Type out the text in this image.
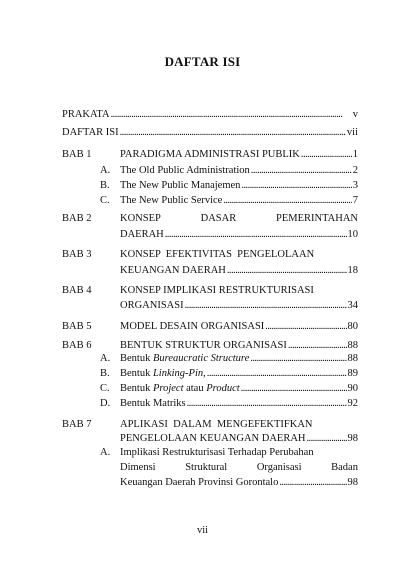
DAFTAR ISI
PRAKATA . . .	v
DAFTAR ISI . . .	vii
BAB 1	PARADIGMA ADMINISTRASI PUBLIK . . .	1
A. The Old Public Administration . . .	2
B. The New Public Manajemen . . .	3
C. The New Public Service . . .	7
BAB 2	KONSEP	DASAR	PEMERINTAHAN
DAERAH . . .	10
BAB 3	KONSEP  EFEKTIVITAS  PENGELOLAAN
KEUANGAN DAERAH . . .	18
BAB 4	KONSEP IMPLIKASI RESTRUKTURISASI
ORGANISASI . . .	34
BAB 5	MODEL DESAIN ORGANISASI . . .	80
BAB 6	BENTUK STRUKTUR ORGANISASI . . .	88
A. Bentuk Bureaucratic Structure . . .	88
B. Bentuk Linking-Pin, . . .	89
C. Bentuk Project atau Product . . .	90
D. Bentuk Matriks . . .	92
BAB 7	APLIKASI  DALAM  MENGEFEKTIFKAN
PENGELOLAAN KEUANGAN DAERAH . . .	98
A. Implikasi Restrukturisasi Terhadap Perubahan
Dimensi	Struktural	Organisasi	Badan
Keuangan Daerah Provinsi Gorontalo . . .	98
vii
